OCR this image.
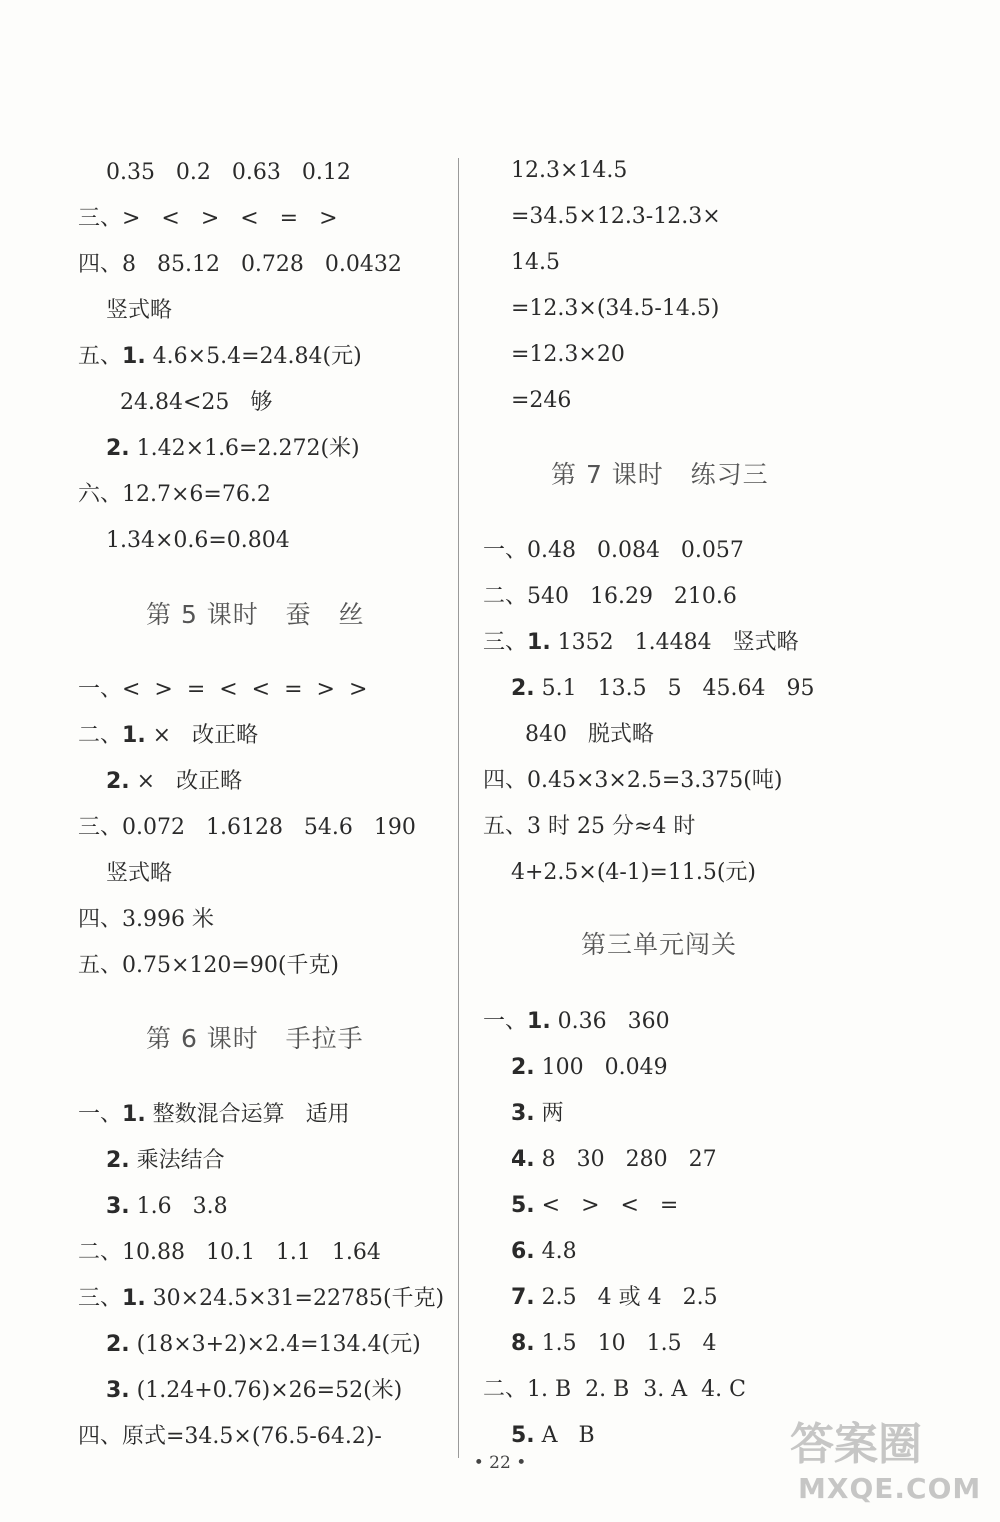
0.35   0.2   0.63   0.12
三、>   <   >   <   =   >
四、8   85.12   0.728   0.0432
竖式略
五、1. 4.6×5.4=24.84(元)
24.84<25   够
2. 1.42×1.6=2.272(米)
六、12.7×6=76.2
1.34×0.6=0.804
第 5 课时   蚕   丝
一、<  >  =  <  <  =  >  >
二、1. ×   改正略
2. ×   改正略
三、0.072   1.6128   54.6   190
竖式略
四、3.996 米
五、0.75×120=90(千克)
第 6 课时   手拉手
一、1. 整数混合运算   适用
2. 乘法结合
3. 1.6   3.8
二、10.88   10.1   1.1   1.64
三、1. 30×24.5×31=22785(千克)
2. (18×3+2)×2.4=134.4(元)
3. (1.24+0.76)×26=52(米)
四、原式=34.5×(76.5-64.2)-
12.3×14.5
=34.5×12.3-12.3×
14.5
=12.3×(34.5-14.5)
=12.3×20
=246
第 7 课时   练习三
一、0.48   0.084   0.057
二、540   16.29   210.6
三、1. 1352   1.4484   竖式略
2. 5.1   13.5   5   45.64   95
840   脱式略
四、0.45×3×2.5=3.375(吨)
五、3 时 25 分≈4 时
4+2.5×(4-1)=11.5(元)
第三单元闯关
一、1. 0.36   360
2. 100   0.049
3. 两
4. 8   30   280   27
5. <   >   <   =
6. 4.8
7. 2.5   4 或 4   2.5
8. 1.5   10   1.5   4
二、1. B  2. B  3. A  4. C
5. A   B
• 22 •	答案圈
MXQE.COM
